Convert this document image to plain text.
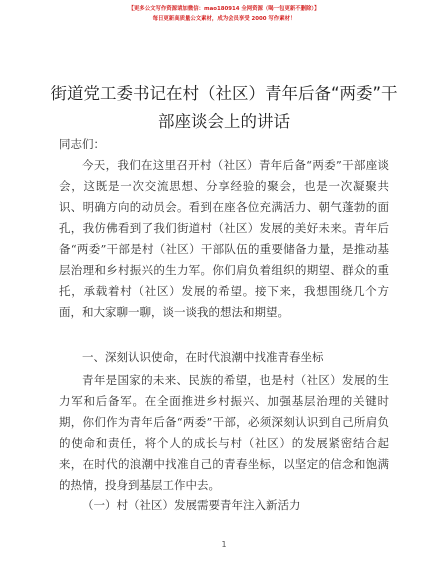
【更多公文写作资源请加微信：mao180914 全网资源（喝一包更新不删除）】
每日更新高质量公文素材，成为会员享受 2000 写作素材！
街道党工委书记在村（社区）青年后备“两委”干部座谈会上的讲话
同志们：
今天，我们在这里召开村（社区）青年后备“两委”干部座谈会，这既是一次交流思想、分享经验的聚会，也是一次凝聚共识、明确方向的动员会。看到在座各位充满活力、朝气蓬勃的面孔，我仿佛看到了我们街道村（社区）发展的美好未来。青年后备“两委”干部是村（社区）干部队伍的重要储备力量，是推动基层治理和乡村振兴的生力军。你们肩负着组织的期望、群众的重托，承载着村（社区）发展的希望。接下来，我想围绕几个方面，和大家聊一聊，谈一谈我的想法和期望。
一、深刻认识使命，在时代浪潮中找准青春坐标
青年是国家的未来、民族的希望，也是村（社区）发展的生力军和后备军。在全面推进乡村振兴、加强基层治理的关键时期，你们作为青年后备“两委”干部，必须深刻认识到自己所肩负的使命和责任，将个人的成长与村（社区）的发展紧密结合起来，在时代的浪潮中找准自己的青春坐标，以坚定的信念和饱满的热情，投身到基层工作中去。
（一）村（社区）发展需要青年注入新活力
1
